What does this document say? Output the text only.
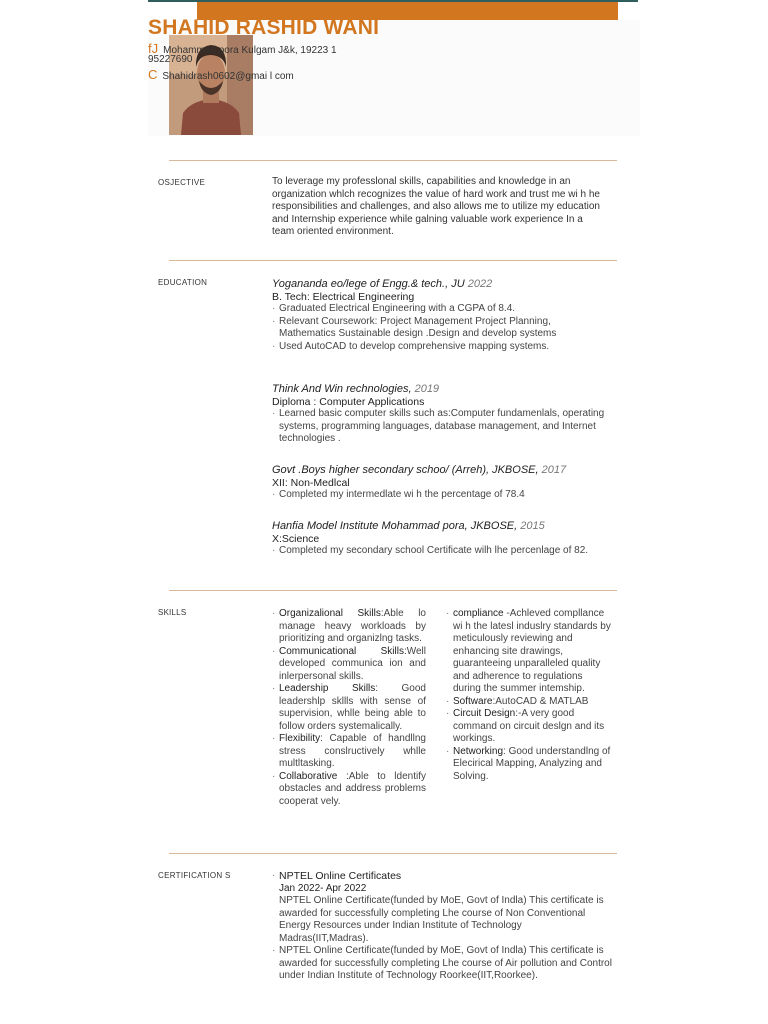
SHAHID RASHID WANI
fJ Mohammad pora Kulgam J&k, 19223 1
95227690
C Shahidrash0602@gmai l com
OSJECTIVE	To leverage my professlonal skills, capabilities and knowledge in an organization whlch recognizes the value of hard work and trust me wi h he responsibilities and challenges, and also allows me to utilize my education and Internship experience while galning valuable work experience In a team oriented environment.
EDUCATION	Yogananda eo/lege of Engg.& tech., JU 2022
B. Tech: Electrical Engineering
· Graduated Electrical Engineering with a CGPA of 8.4.
· Relevant Coursework: Project Management Project Planning, Mathematics Sustainable design .Design and develop systems
· Used AutoCAD to develop comprehensive mapping systems.
Think And Win rechnologies, 2019
Diploma : Computer Applications
· Learned basic computer skills such as:Computer fundamenlals, operating systems, programming languages, database management, and Internet technologies .
Govt .Boys higher secondary schoo/ (Arreh), JKBOSE, 2017
XII: Non-Medlcal
· Completed my intermedlate wi h the percentage of 78.4
Hanfia Model Institute Mohammad pora, JKBOSE, 2015
X:Science
· Completed my secondary school Certificate wilh lhe percenlage of 82.
SKlLLS	· Organizalional Skills:Able lo manage heavy workloads by prioritizing and organizlng tasks.
· Communicational Skills:Well developed communica ion and inlerpersonal skills.
· Leadership Skills: Good leadershlp skllls with sense of supervision, whlle being able to follow orders systemalically.
· Flexibility: Capable of handllng stress conslructively whlle multltasking.
· Collaborative :Able to ldentify obstacles and address problems cooperat vely.
· compliance -Achleved compllance wi h the latesl induslry standards by meticulously reviewing and enhancing site drawings, guaranteeing unparalleled quality and adherence to regulations during the summer intemship.
· Software:AutoCAD & MATLAB
· Circuit Design:-A very good command on circuit deslgn and its workings.
· Networking: Good understandlng of Elecirical Mapping, Analyzing and Solving.
CERTIFICATION S	· NPTEL Online Certificates
Jan 2022- Apr 2022
NPTEL Online Certificate(funded by MoE, Govt of Indla) This certificate is awarded for successfully completing Lhe course of Non Conventional Energy Resources under Indian Institute of Technology Madras(IIT,Madras).
· NPTEL Online Certificate(funded by MoE, Govt of Indla) This certificate is awarded for successfully completing Lhe course of Air pollution and Control under Indian Institute of Technology Roorkee(IIT,Roorkee).
